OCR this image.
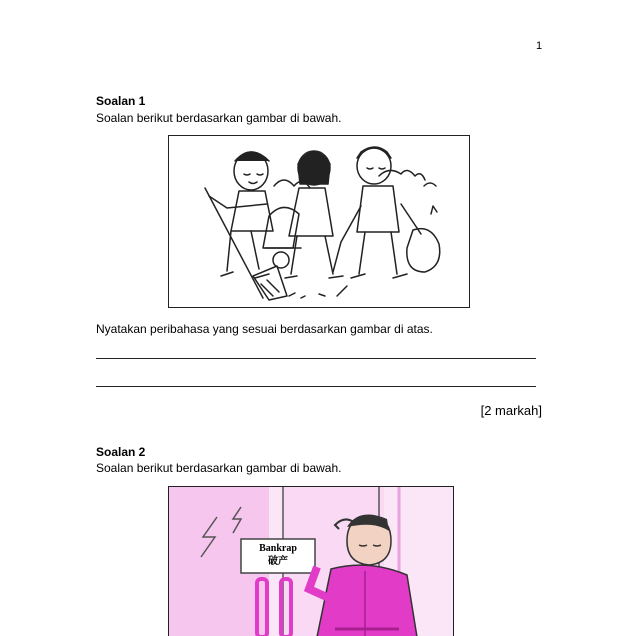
1
Soalan 1
Soalan berikut berdasarkan gambar di bawah.
Nyatakan peribahasa yang sesuai berdasarkan gambar di atas.
[2 markah]
Soalan 2
Soalan berikut berdasarkan gambar di bawah.
Bankrap
破产
